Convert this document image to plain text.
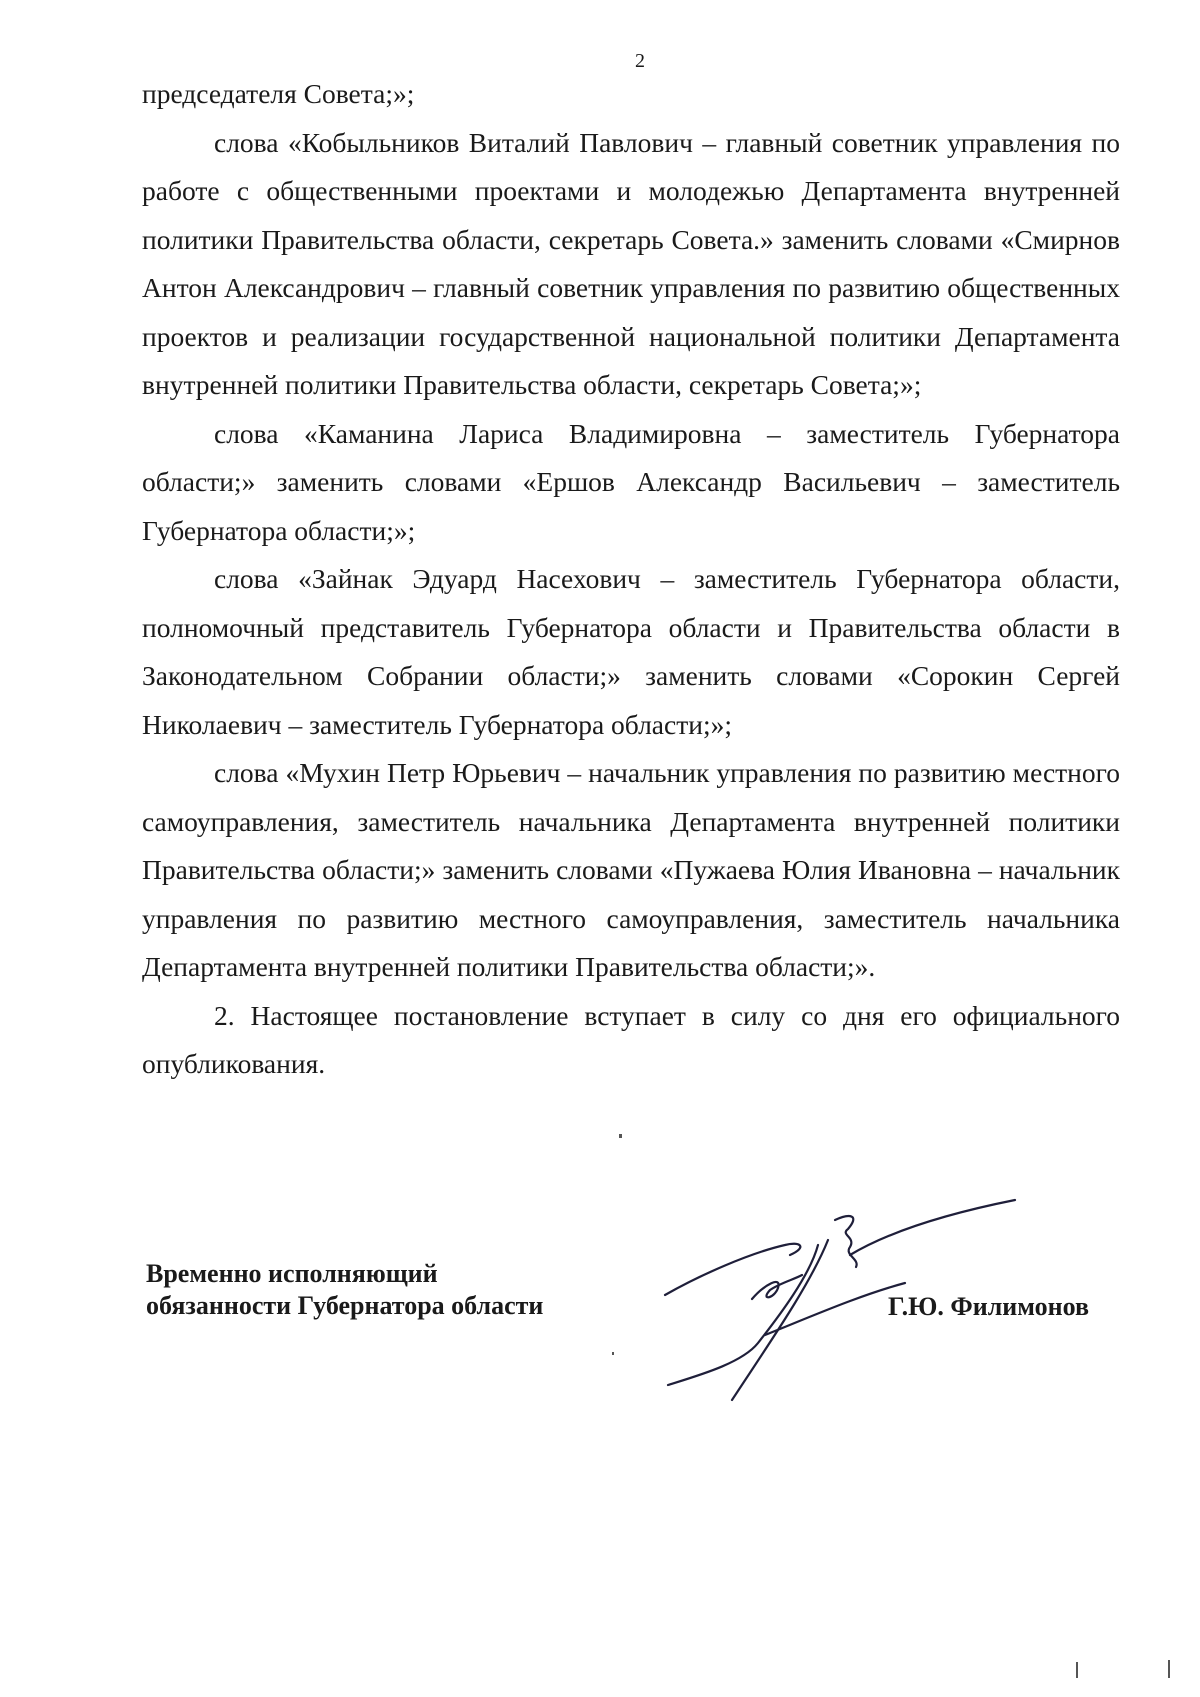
2

председателя Совета;»;

слова «Кобыльников Виталий Павлович – главный советник управления по работе с общественными проектами и молодежью Департамента внутренней политики Правительства области, секретарь Совета.» заменить словами «Смирнов Антон Александрович – главный советник управления по развитию общественных проектов и реализации государственной национальной политики Департамента внутренней политики Правительства области, секретарь Совета;»;

слова «Каманина Лариса Владимировна – заместитель Губернатора области;» заменить словами «Ершов Александр Васильевич – заместитель Губернатора области;»;

слова «Зайнак Эдуард Насехович – заместитель Губернатора области, полномочный представитель Губернатора области и Правительства области в Законодательном Собрании области;» заменить словами «Сорокин Сергей Николаевич – заместитель Губернатора области;»;

слова «Мухин Петр Юрьевич – начальник управления по развитию местного самоуправления, заместитель начальника Департамента внутренней политики Правительства области;» заменить словами «Пужаева Юлия Ивановна – начальник управления по развитию местного самоуправления, заместитель начальника Департамента внутренней политики Правительства области;».

2. Настоящее постановление вступает в силу со дня его официального опубликования.

Временно исполняющий
обязанности Губернатора области	Г.Ю. Филимонов
